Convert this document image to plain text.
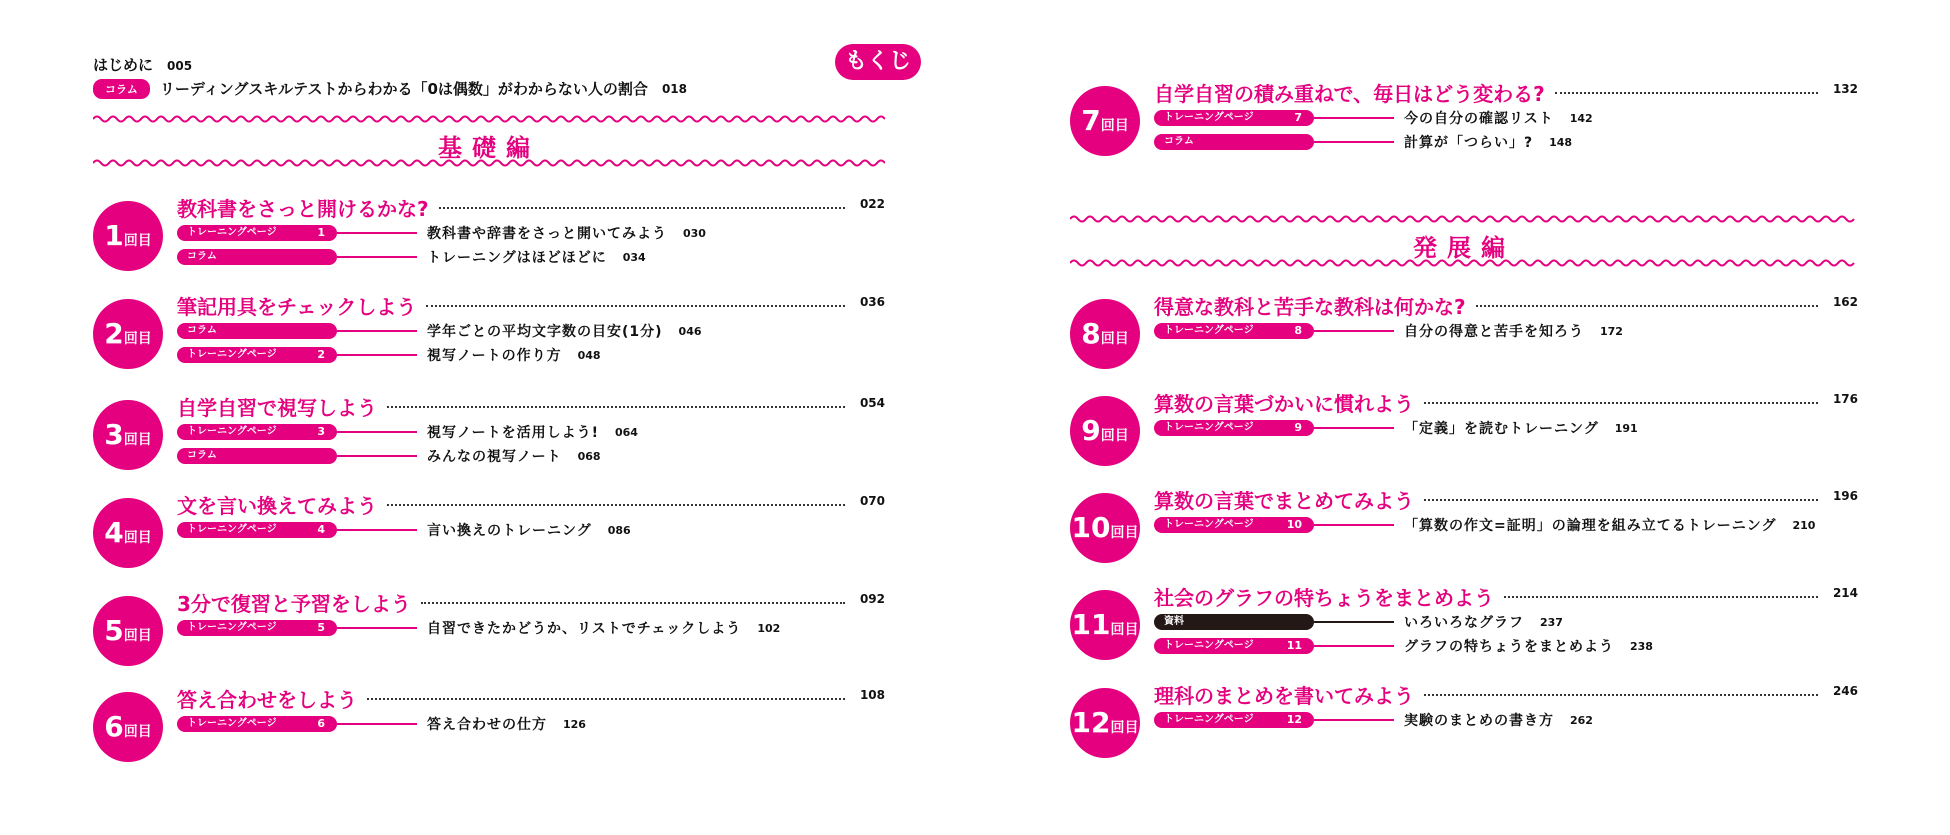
はじめに 005
コラム リーディングスキルテストからわかる「0は偶数」がわからない人の割合 018
もくじ
基礎編
発展編
1回目
教科書をさっと開けるかな?	022
トレーニングページ	1	教科書や辞書をさっと開いてみよう 030
コラム	トレーニングはほどほどに 034
2回目
筆記用具をチェックしよう	036
コラム	学年ごとの平均文字数の目安(1分) 046
トレーニングページ	2	視写ノートの作り方 048
3回目
自学自習で視写しよう	054
トレーニングページ	3	視写ノートを活用しよう! 064
コラム	みんなの視写ノート 068
4回目
文を言い換えてみよう	070
トレーニングページ	4	言い換えのトレーニング 086
5回目
3分で復習と予習をしよう	092
トレーニングページ	5	自習できたかどうか、リストでチェックしよう 102
6回目
答え合わせをしよう	108
トレーニングページ	6	答え合わせの仕方 126
7回目
自学自習の積み重ねで、毎日はどう変わる?	132
トレーニングページ	7	今の自分の確認リスト 142
コラム	計算が「つらい」? 148
8回目
得意な教科と苦手な教科は何かな?	162
トレーニングページ	8	自分の得意と苦手を知ろう 172
9回目
算数の言葉づかいに慣れよう	176
トレーニングページ	9	「定義」を読むトレーニング 191
10回目
算数の言葉でまとめてみよう	196
トレーニングページ	10	「算数の作文=証明」の論理を組み立てるトレーニング 210
11回目
社会のグラフの特ちょうをまとめよう	214
資料	いろいろなグラフ 237
トレーニングページ	11	グラフの特ちょうをまとめよう 238
12回目
理科のまとめを書いてみよう	246
トレーニングページ	12	実験のまとめの書き方 262
